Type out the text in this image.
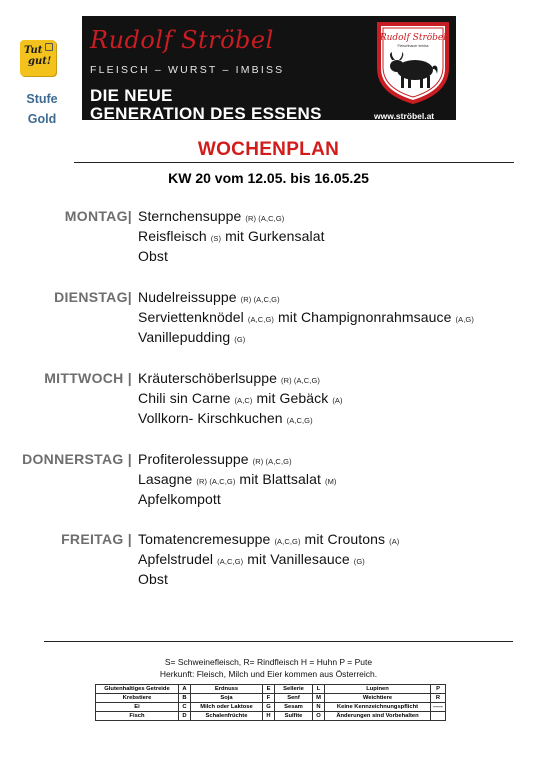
Tut
gut!
Stufe
Gold
Rudolf Ströbel
FLEISCH – WURST – IMBISS
DIE NEUE
GENERATION DES ESSENS
Rudolf Ströbel
Fleischhauer Imbiss
www.ströbel.at
WOCHENPLAN
KW 20 vom 12.05. bis 16.05.25
MONTAG| Sternchensuppe (R) (A,C,G)
Reisfleisch (S) mit Gurkensalat
Obst
DIENSTAG| Nudelreissuppe (R) (A,C,G)
Serviettenknödel (A,C,G) mit Champignonrahmsauce (A,G)
Vanillepudding (G)
MITTWOCH | Kräuterschöberlsuppe (R) (A,C,G)
Chili sin Carne (A,C) mit Gebäck (A)
Vollkorn- Kirschkuchen (A,C,G)
DONNERSTAG | Profiterolessuppe (R) (A,C,G)
Lasagne (R) (A,C,G) mit Blattsalat (M)
Apfelkompott
FREITAG | Tomatencremesuppe (A,C,G) mit Croutons (A)
Apfelstrudel (A,C,G) mit Vanillesauce (G)
Obst
S= Schweinefleisch, R= Rindfleisch H = Huhn P = Pute
Herkunft: Fleisch, Milch und Eier kommen aus Österreich.
Glutenhaltiges Getreide	A	Erdnuss	E	Sellerie	L	Lupinen	P
Krebstiere	B	Soja	F	Senf	M	Weichtiere	R
Ei	C	Milch oder Laktose	G	Sesam	N	Keine Kennzeichnungspflicht	-----
Fisch	D	Schalenfrüchte	H	Sulfite	O	Änderungen sind Vorbehalten	
